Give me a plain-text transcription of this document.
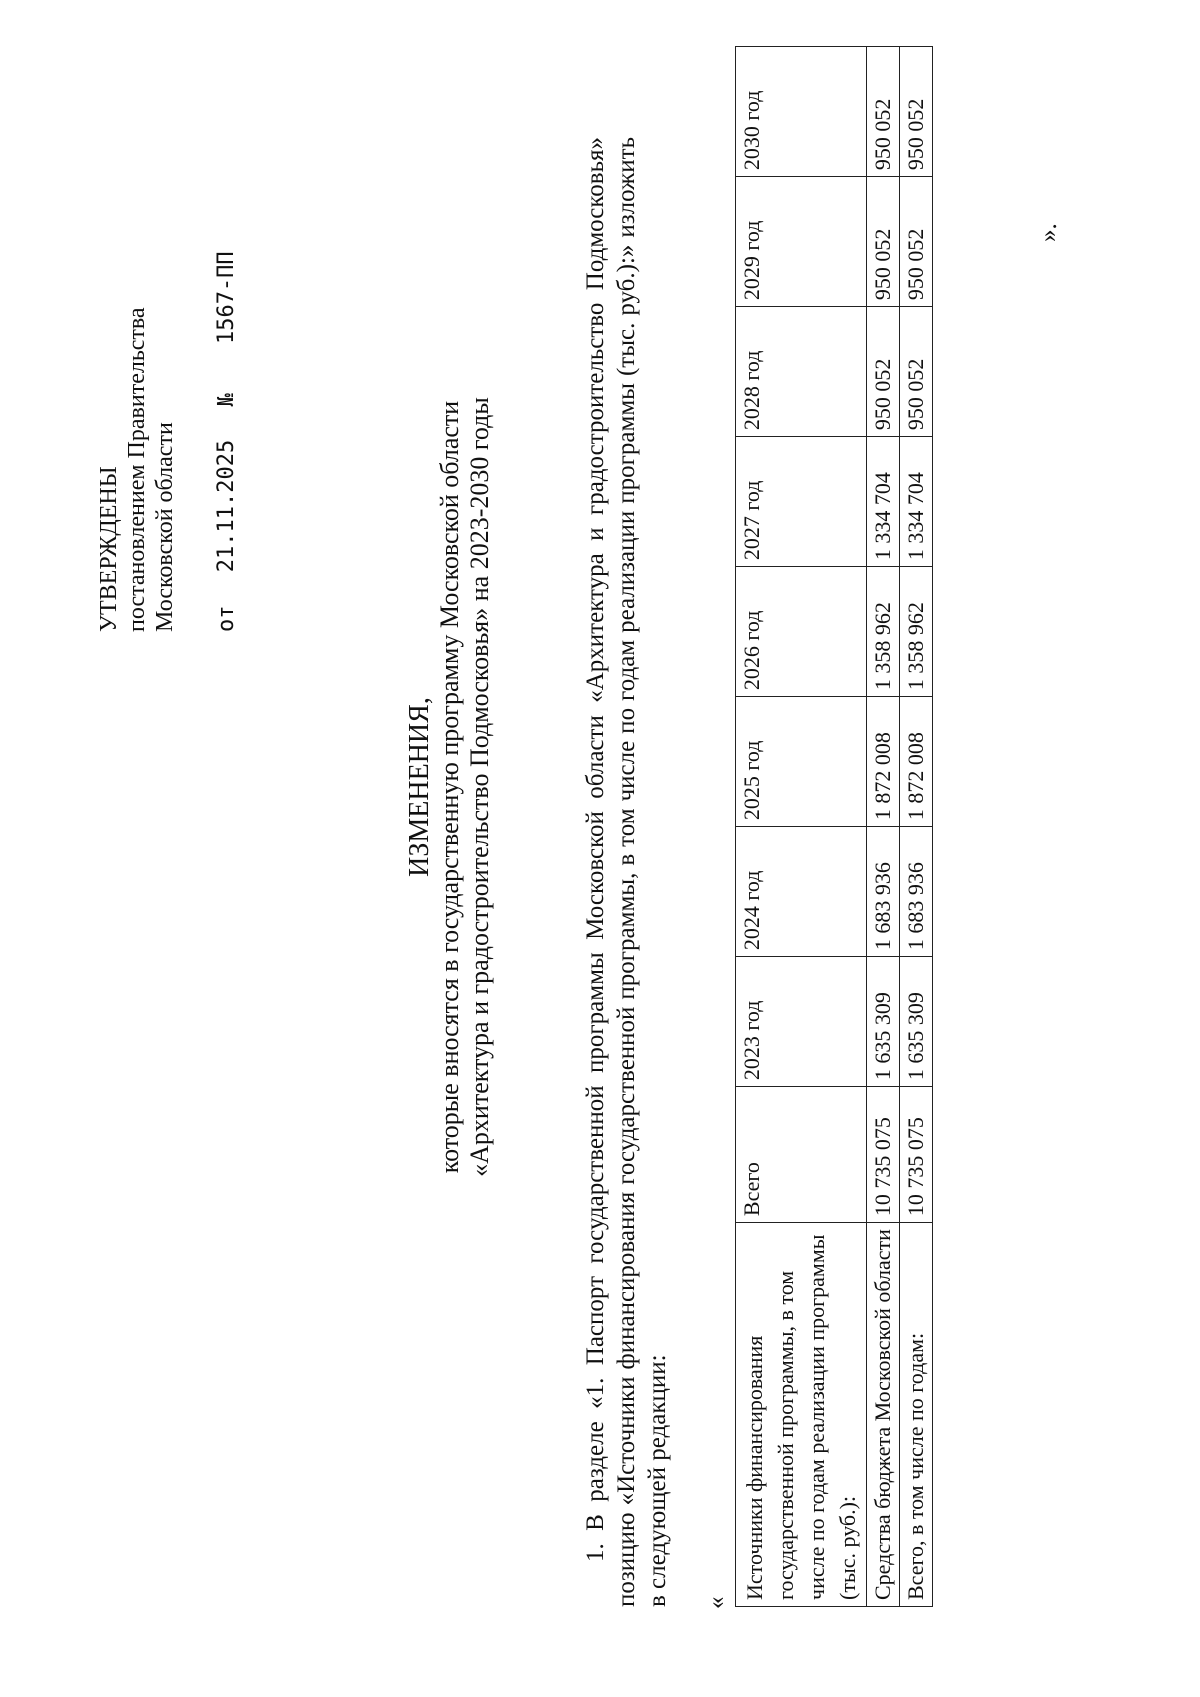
УТВЕРЖДЕНЫ постановлением Правительства Московской области от 21.11.2025 № 1567-ПП
ИЗМЕНЕНИЯ, которые вносятся в государственную программу Московской области «Архитектура и градостроительство Подмосковья» на 2023-2030 годы	1. В разделе «1. Паспорт государственной программы Московской области «Архитектура и градостроительство Подмосковья» позицию «Источники финансирования государственной программы, в том числе по годам реализации программы (тыс. руб.):» изложить в следующей редакции: «
Источники финансирования государственной программы, в том числе по годам реализации программы (тыс. руб.):	Всего	2023 год	2024 год	2025 год	2026 год	2027 год	2028 год	2029 год	2030 год
Средства бюджета Московской области	10 735 075	1 635 309	1 683 936	1 872 008	1 358 962	1 334 704	950 052	950 052	950 052
Всего, в том числе по годам:	10 735 075	1 635 309	1 683 936	1 872 008	1 358 962	1 334 704	950 052	950 052	950 052
».
